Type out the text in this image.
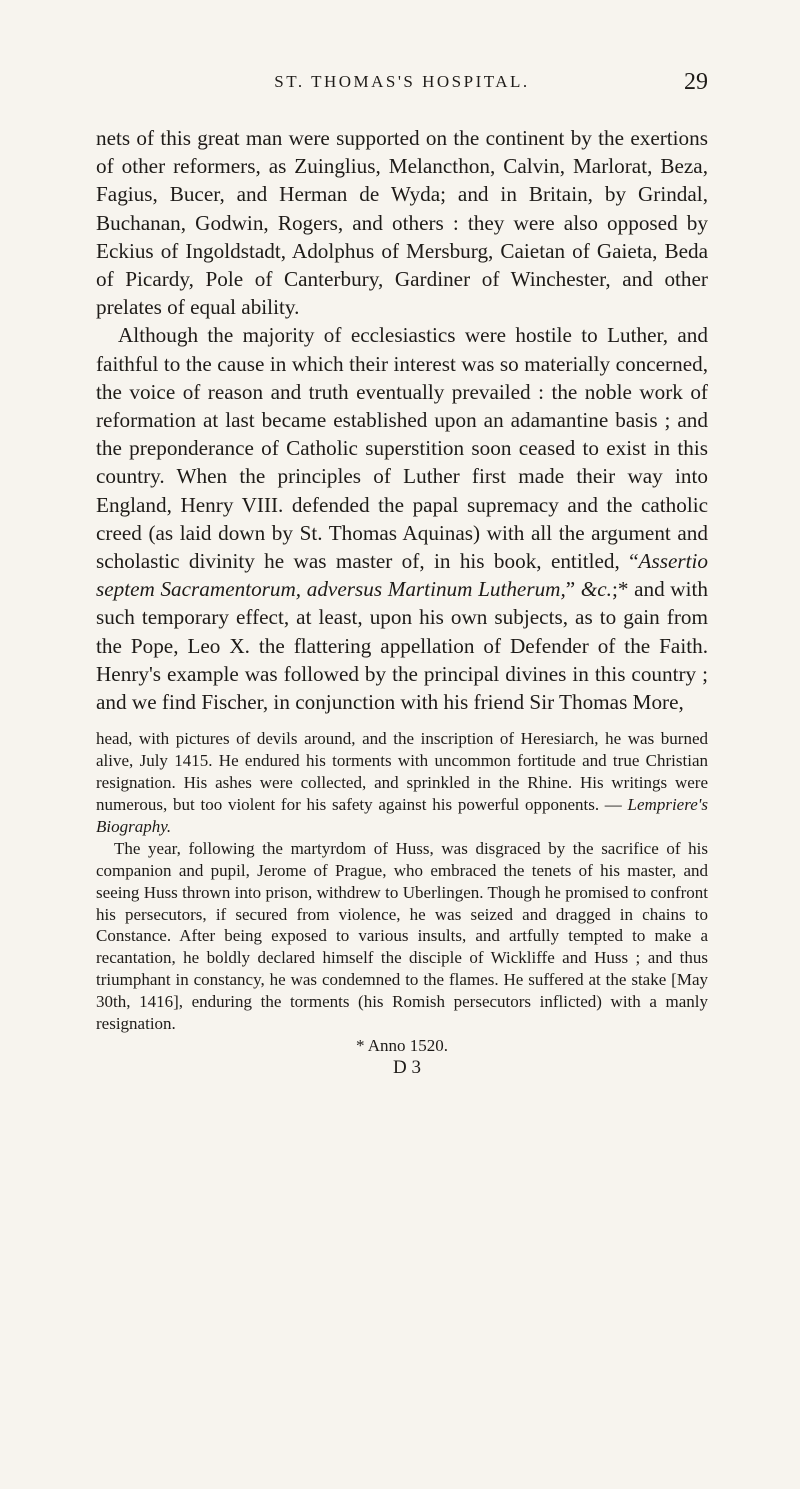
ST. THOMAS'S HOSPITAL.	29

nets of this great man were supported on the continent by the exertions of other reformers, as Zuinglius, Melancthon, Calvin, Marlorat, Beza, Fagius, Bucer, and Herman de Wyda; and in Britain, by Grindal, Buchanan, Godwin, Rogers, and others : they were also opposed by Eckius of Ingoldstadt, Adolphus of Mersburg, Caietan of Gaieta, Beda of Picardy, Pole of Canterbury, Gardiner of Winchester, and other prelates of equal ability.

Although the majority of ecclesiastics were hostile to Luther, and faithful to the cause in which their interest was so materially concerned, the voice of reason and truth eventually prevailed : the noble work of reformation at last became established upon an adamantine basis ; and the preponderance of Catholic superstition soon ceased to exist in this country. When the principles of Luther first made their way into England, Henry VIII. defended the papal supremacy and the catholic creed (as laid down by St. Thomas Aquinas) with all the argument and scholastic divinity he was master of, in his book, entitled, “Assertio septem Sacramentorum, adversus Martinum Lutherum,” &c.;* and with such temporary effect, at least, upon his own subjects, as to gain from the Pope, Leo X. the flattering appellation of Defender of the Faith. Henry's example was followed by the principal divines in this country ; and we find Fischer, in conjunction with his friend Sir Thomas More,

head, with pictures of devils around, and the inscription of Heresiarch, he was burned alive, July 1415. He endured his torments with uncommon fortitude and true Christian resignation. His ashes were collected, and sprinkled in the Rhine. His writings were numerous, but too violent for his safety against his powerful opponents. — Lempriere's Biography.

The year, following the martyrdom of Huss, was disgraced by the sacrifice of his companion and pupil, Jerome of Prague, who embraced the tenets of his master, and seeing Huss thrown into prison, withdrew to Uberlingen. Though he promised to confront his persecutors, if secured from violence, he was seized and dragged in chains to Constance. After being exposed to various insults, and artfully tempted to make a recantation, he boldly declared himself the disciple of Wickliffe and Huss ; and thus triumphant in constancy, he was condemned to the flames. He suffered at the stake [May 30th, 1416], enduring the torments (his Romish persecutors inflicted) with a manly resignation.

* Anno 1520.

D 3
